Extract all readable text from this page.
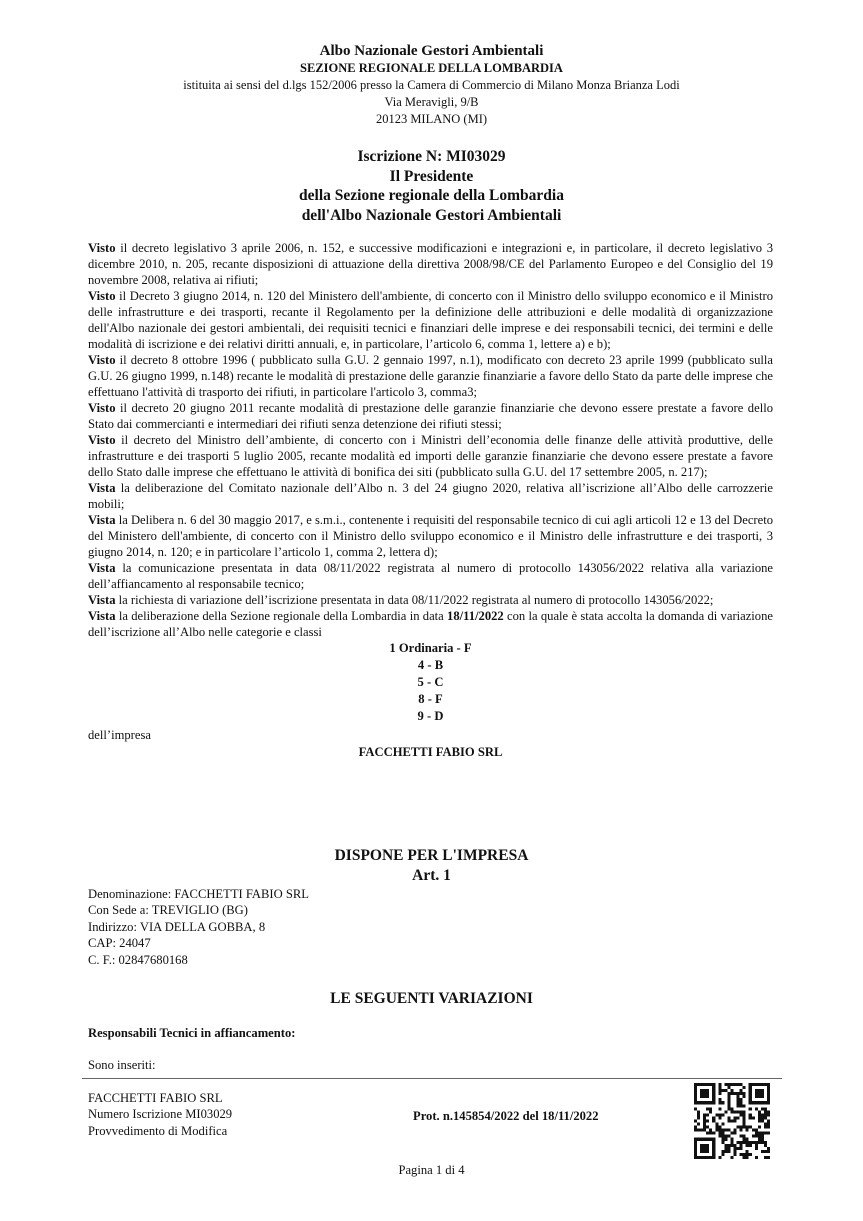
Albo Nazionale Gestori Ambientali
SEZIONE REGIONALE DELLA LOMBARDIA
istituita ai sensi del d.lgs 152/2006 presso la Camera di Commercio di Milano Monza Brianza Lodi
Via Meravigli, 9/B
20123 MILANO (MI)
Iscrizione N: MI03029
Il Presidente
della Sezione regionale della Lombardia
dell'Albo Nazionale Gestori Ambientali

Visto il decreto legislativo 3 aprile 2006, n. 152, e successive modificazioni e integrazioni e, in particolare, il decreto legislativo 3 dicembre 2010, n. 205, recante disposizioni di attuazione della direttiva 2008/98/CE del Parlamento Europeo e del Consiglio del 19 novembre 2008, relativa ai rifiuti;

Visto il Decreto 3 giugno 2014, n. 120 del Ministero dell'ambiente, di concerto con il Ministro dello sviluppo economico e il Ministro delle infrastrutture e dei trasporti, recante il Regolamento per la definizione delle attribuzioni e delle modalità di organizzazione dell'Albo nazionale dei gestori ambientali, dei requisiti tecnici e finanziari delle imprese e dei responsabili tecnici, dei termini e delle modalità di iscrizione e dei relativi diritti annuali, e, in particolare, l’articolo 6, comma 1, lettere a) e b);

Visto il decreto 8 ottobre 1996 ( pubblicato sulla G.U. 2 gennaio 1997, n.1), modificato con decreto 23 aprile 1999 (pubblicato sulla G.U. 26 giugno 1999, n.148) recante le modalità di prestazione delle garanzie finanziarie a favore dello Stato da parte delle imprese che effettuano l'attività di trasporto dei rifiuti, in particolare l'articolo 3, comma3;

Visto il decreto 20 giugno 2011 recante modalità di prestazione delle garanzie finanziarie che devono essere prestate a favore dello Stato dai commercianti e intermediari dei rifiuti senza detenzione dei rifiuti stessi;

Visto il decreto del Ministro dell’ambiente, di concerto con i Ministri dell’economia delle finanze delle attività produttive, delle infrastrutture e dei trasporti 5 luglio 2005, recante modalità ed importi delle garanzie finanziarie che devono essere prestate a favore dello Stato dalle imprese che effettuano le attività di bonifica dei siti (pubblicato sulla G.U. del 17 settembre 2005, n. 217);

Vista la deliberazione del Comitato nazionale dell’Albo n. 3 del 24 giugno 2020, relativa all’iscrizione all’Albo delle carrozzerie mobili;

Vista la Delibera n. 6 del 30 maggio 2017, e s.m.i., contenente i requisiti del responsabile tecnico di cui agli articoli 12 e 13 del Decreto del Ministero dell'ambiente, di concerto con il Ministro dello sviluppo economico e il Ministro delle infrastrutture e dei trasporti, 3 giugno 2014, n. 120; e in particolare l’articolo 1, comma 2, lettera d);

Vista la comunicazione presentata in data 08/11/2022 registrata al numero di protocollo 143056/2022 relativa alla variazione dell’affiancamento al responsabile tecnico;

Vista la richiesta di variazione dell’iscrizione presentata in data 08/11/2022 registrata al numero di protocollo 143056/2022;

Vista la deliberazione della Sezione regionale della Lombardia in data 18/11/2022 con la quale è stata accolta la domanda di variazione dell’iscrizione all’Albo nelle categorie e classi

1 Ordinaria - F
4 - B
5 - C
8 - F
9 - D

dell’impresa

FACCHETTI FABIO SRL
DISPONE PER L'IMPRESA
Art. 1
Denominazione: FACCHETTI FABIO SRL
Con Sede a: TREVIGLIO (BG)
Indirizzo: VIA DELLA GOBBA, 8
CAP: 24047
C. F.: 02847680168
LE SEGUENTI VARIAZIONI
Responsabili Tecnici in affiancamento:
Sono inseriti:
FACCHETTI FABIO SRL
Numero Iscrizione MI03029
Provvedimento di Modifica
Prot. n.145854/2022 del 18/11/2022
Pagina 1 di 4
